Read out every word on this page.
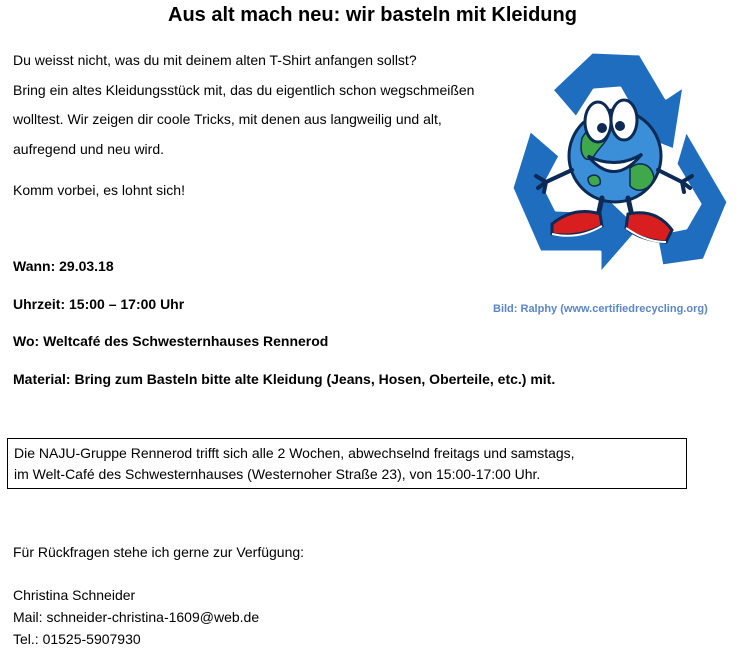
Aus alt mach neu: wir basteln mit Kleidung

Du weisst nicht, was du mit deinem alten T-Shirt anfangen sollst?

Bring ein altes Kleidungsstück mit, das du eigentlich schon wegschmeißen

wolltest. Wir zeigen dir coole Tricks, mit denen aus langweilig und alt,

aufregend und neu wird.

Komm vorbei, es lohnt sich!

Wann: 29.03.18

Uhrzeit: 15:00 – 17:00 Uhr

Wo: Weltcafé des Schwesternhauses Rennerod

Material: Bring zum Basteln bitte alte Kleidung (Jeans, Hosen, Oberteile, etc.) mit.

Bild: Ralphy (www.certifiedrecycling.org)

Die NAJU-Gruppe Rennerod trifft sich alle 2 Wochen, abwechselnd freitags und samstags,

im Welt-Café des Schwesternhauses (Westernoher Straße 23), von 15:00-17:00 Uhr.

Für Rückfragen stehe ich gerne zur Verfügung:

Christina Schneider

Mail: schneider-christina-1609@web.de

Tel.: 01525-5907930
